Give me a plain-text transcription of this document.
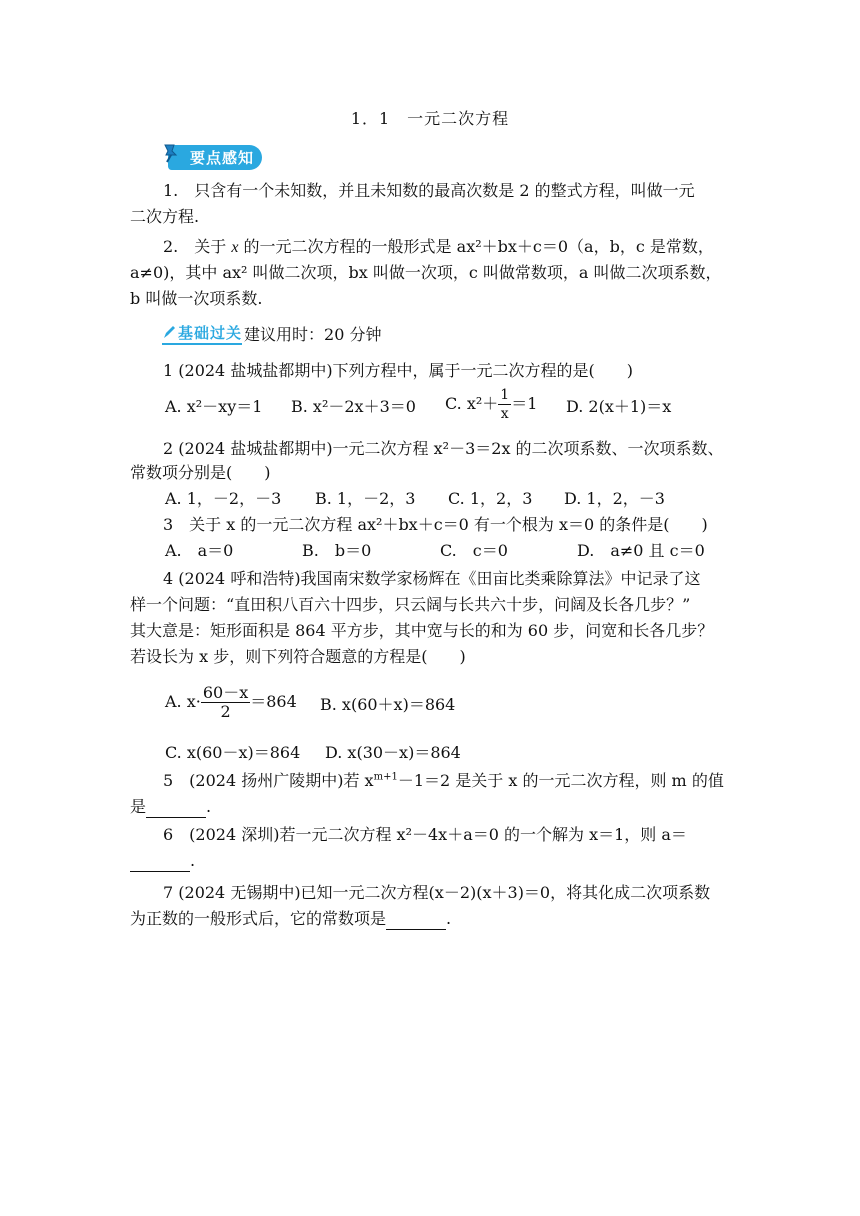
1．1　一元二次方程
要点感知
1.　只含有一个未知数，并且未知数的最高次数是 2 的整式方程，叫做一元
二次方程.
2.　关于 x 的一元二次方程的一般形式是 ax²＋bx＋c＝0（a，b，c 是常数，
a≠0)，其中 ax² 叫做二次项，bx 叫做一次项，c 叫做常数项，a 叫做二次项系数，
b 叫做一次项系数.
基础过关 建议用时：20 分钟
1 (2024 盐城盐都期中)下列方程中，属于一元二次方程的是(　　)
A. x²－xy＝1 B. x²－2x＋3＝0 C. $x^2+ \frac{1}{x} =1$ D. 2(x＋1)＝x
2 (2024 盐城盐都期中)一元二次方程 x²－3＝2x 的二次项系数、一次项系数、
常数项分别是(　　)
A. 1，－2，－3 B. 1，－2，3 C. 1，2，3 D. 1，2，－3
3　关于 x 的一元二次方程 ax²＋bx＋c＝0 有一个根为 x＝0 的条件是(　　)
A.　a＝0	B.　b＝0	C.　c＝0	D.　a≠0 且 c＝0
4 (2024 呼和浩特)我国南宋数学家杨辉在《田亩比类乘除算法》中记录了这
样一个问题：“直田积八百六十四步，只云阔与长共六十步，问阔及长各几步？”
其大意是：矩形面积是 864 平方步，其中宽与长的和为 60 步，问宽和长各几步？
若设长为 x 步，则下列符合题意的方程是(　　)
A. $x\cdot \frac{60-x}{2} =864$ B. x(60＋x)＝864
C. x(60－x)＝864 D. x(30－x)＝864
5　(2024 扬州广陵期中)若 $x^{m+1}-1=2$ 是关于 x 的一元二次方程，则 m 的值
是	.
6　(2024 深圳)若一元二次方程 x²－4x＋a＝0 的一个解为 x＝1，则 a＝
.
7 (2024 无锡期中)已知一元二次方程(x－2)(x＋3)＝0，将其化成二次项系数
为正数的一般形式后，它的常数项是	.
